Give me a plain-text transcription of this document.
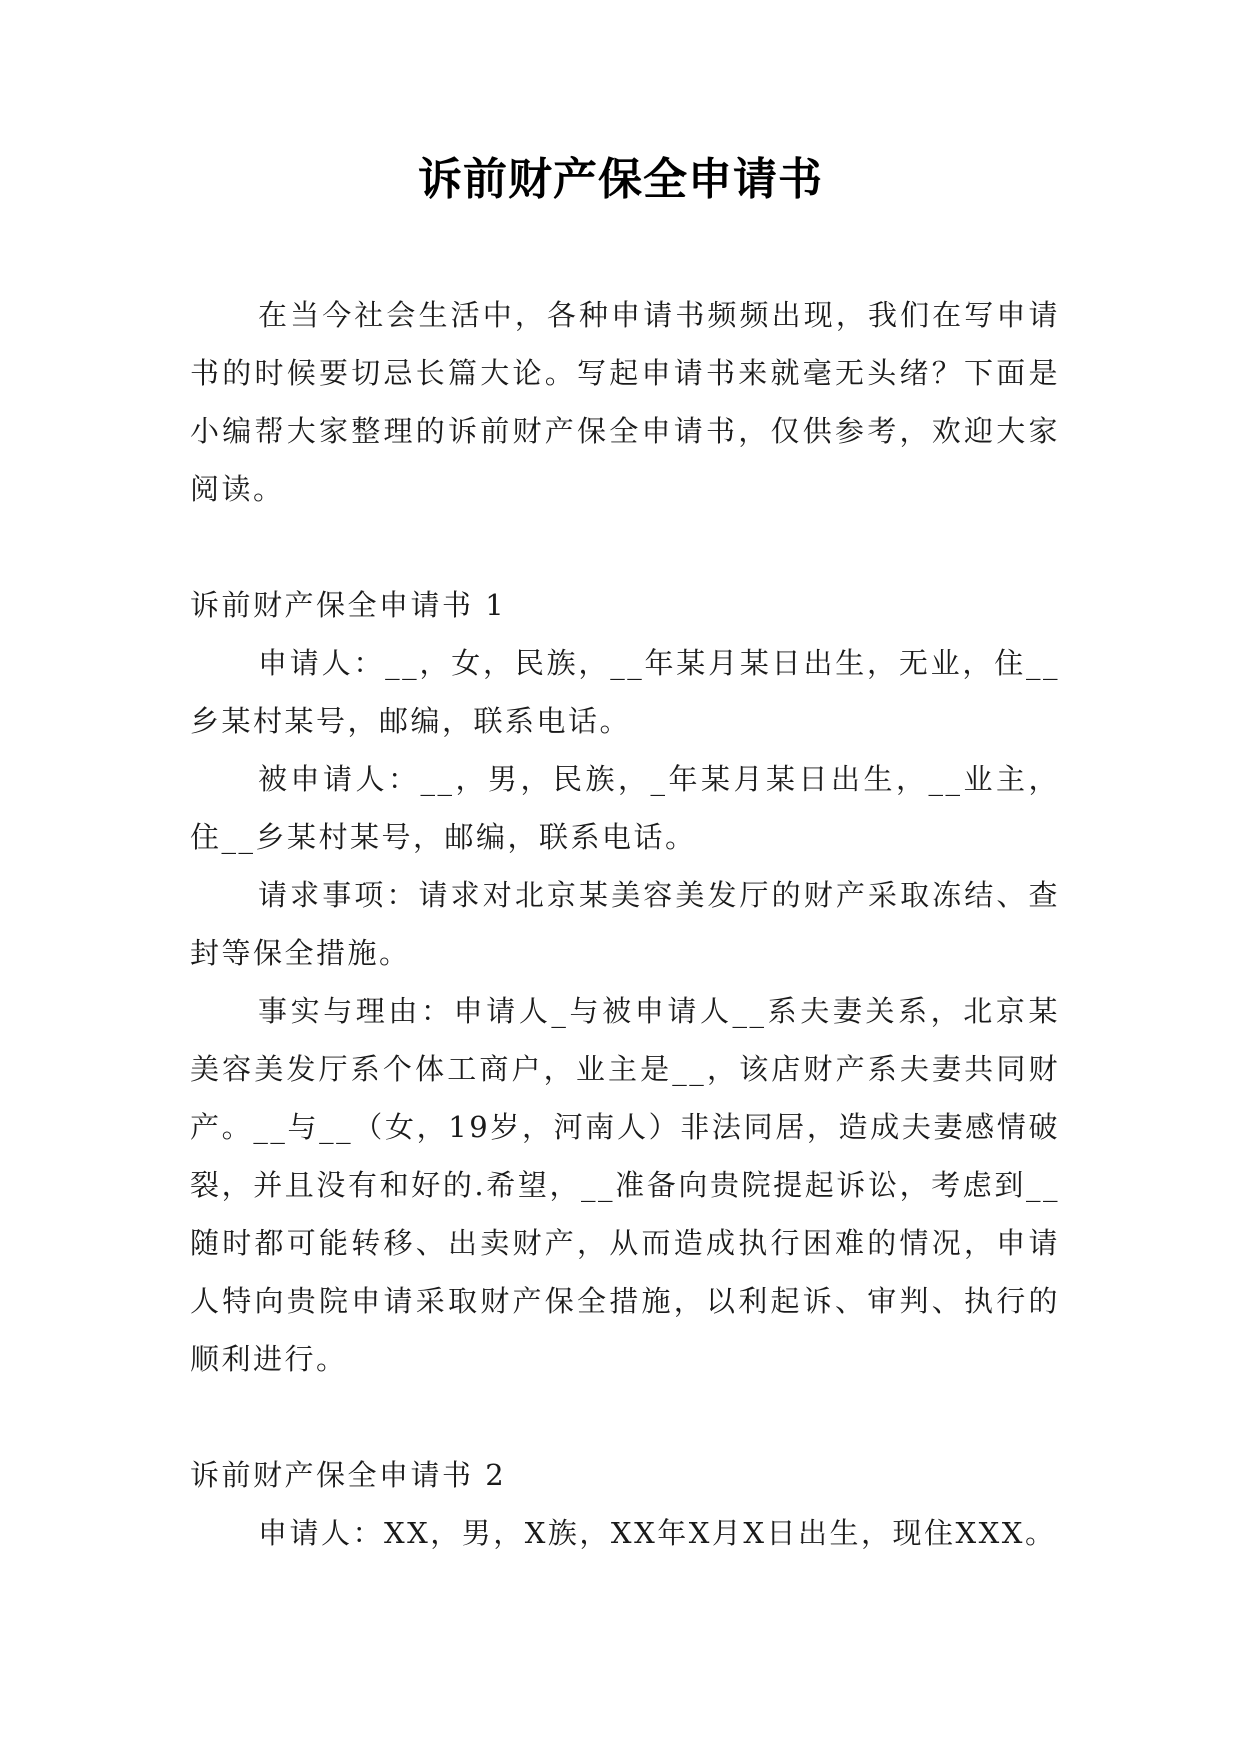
诉前财产保全申请书

在当今社会生活中，各种申请书频频出现，我们在写申请书的时候要切忌长篇大论。写起申请书来就毫无头绪？下面是小编帮大家整理的诉前财产保全申请书，仅供参考，欢迎大家阅读。

诉前财产保全申请书 1

申请人：__，女，民族，__年某月某日出生，无业，住__乡某村某号，邮编，联系电话。

被申请人：__，男，民族，_年某月某日出生，__业主，住__乡某村某号，邮编，联系电话。

请求事项：请求对北京某美容美发厅的财产采取冻结、查封等保全措施。

事实与理由：申请人_与被申请人__系夫妻关系，北京某美容美发厅系个体工商户，业主是__，该店财产系夫妻共同财产。__与__（女，19岁，河南人）非法同居，造成夫妻感情破裂，并且没有和好的.希望，__准备向贵院提起诉讼，考虑到__随时都可能转移、出卖财产，从而造成执行困难的情况，申请人特向贵院申请采取财产保全措施，以利起诉、审判、执行的顺利进行。

诉前财产保全申请书 2

申请人：XX，男，X族，XX年X月X日出生，现住XXX。
